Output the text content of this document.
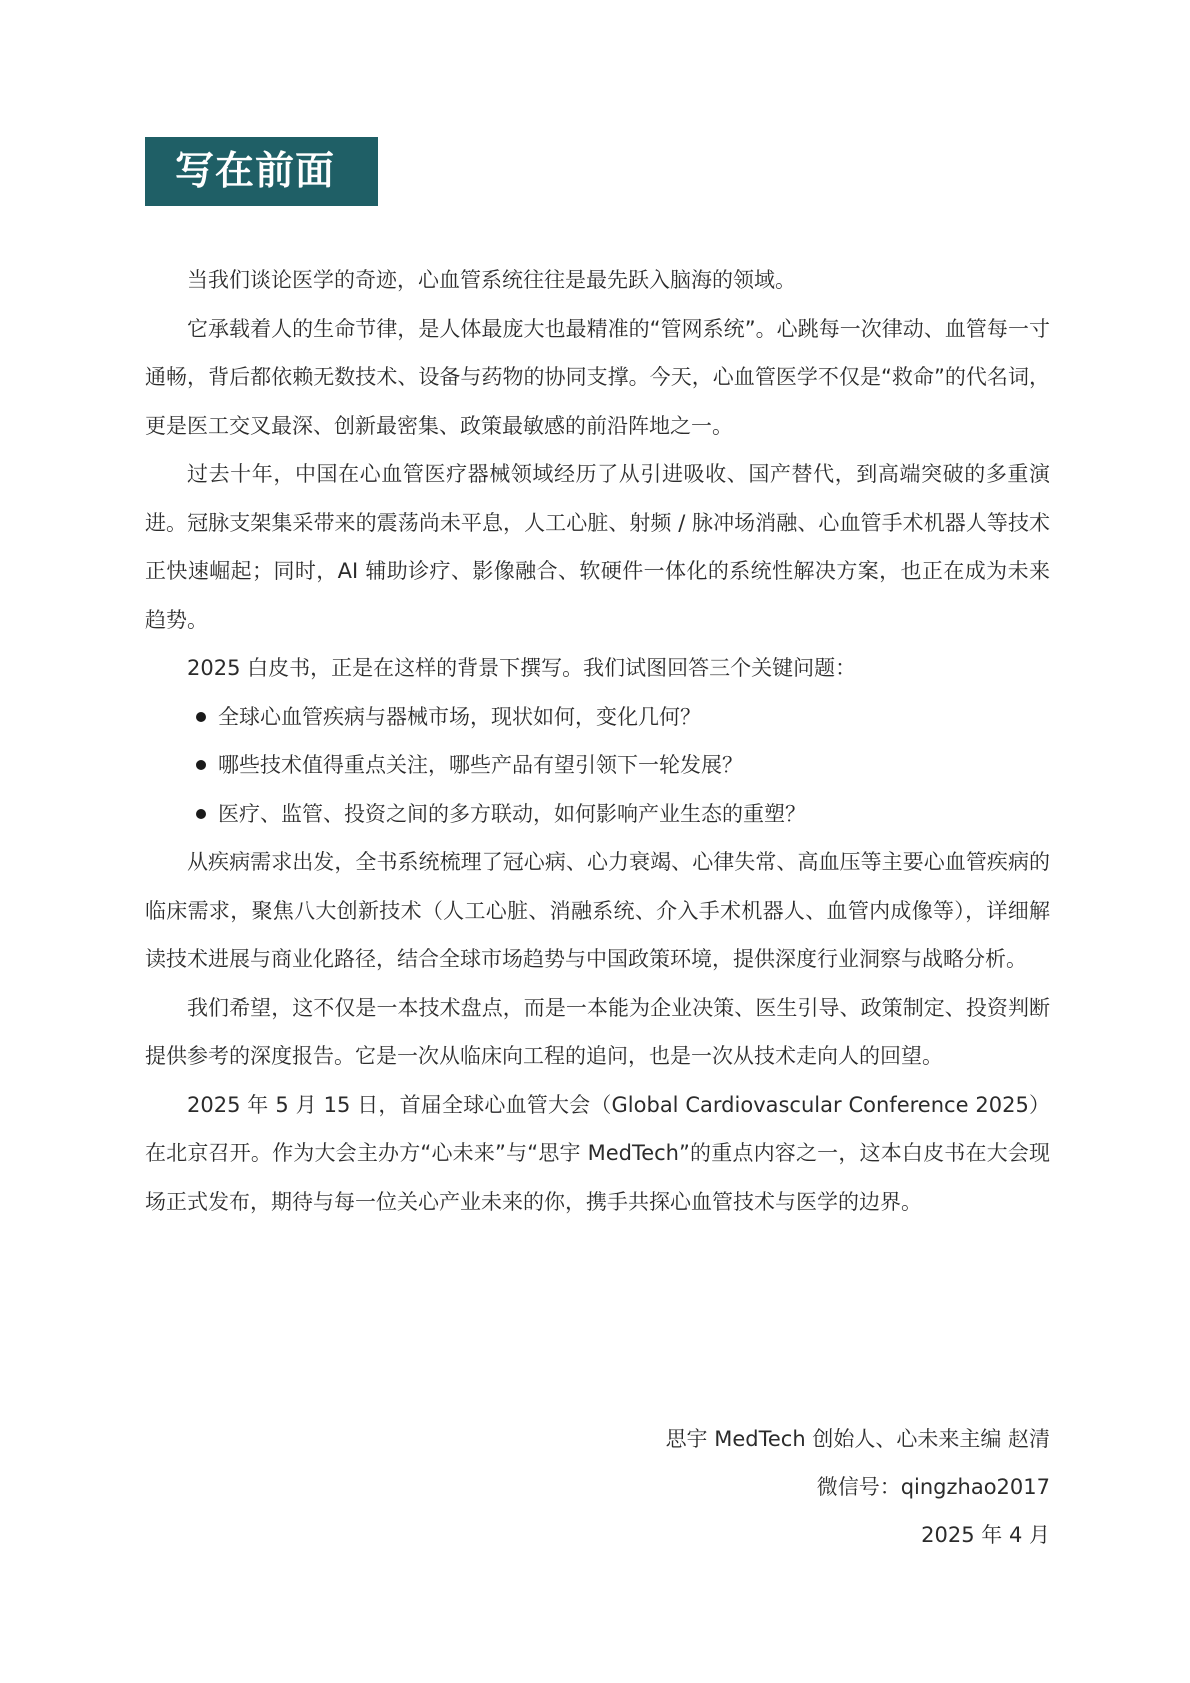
写在前面

当我们谈论医学的奇迹，心血管系统往往是最先跃入脑海的领域。

它承载着人的生命节律，是人体最庞大也最精准的“管网系统”。心跳每一次律动、血管每一寸通畅，背后都依赖无数技术、设备与药物的协同支撑。今天，心血管医学不仅是“救命”的代名词，更是医工交叉最深、创新最密集、政策最敏感的前沿阵地之一。

过去十年，中国在心血管医疗器械领域经历了从引进吸收、国产替代，到高端突破的多重演进。冠脉支架集采带来的震荡尚未平息，人工心脏、射频 / 脉冲场消融、心血管手术机器人等技术正快速崛起；同时，AI 辅助诊疗、影像融合、软硬件一体化的系统性解决方案，也正在成为未来趋势。

2025 白皮书，正是在这样的背景下撰写。我们试图回答三个关键问题：

全球心血管疾病与器械市场，现状如何，变化几何？
哪些技术值得重点关注，哪些产品有望引领下一轮发展？
医疗、监管、投资之间的多方联动，如何影响产业生态的重塑？

从疾病需求出发，全书系统梳理了冠心病、心力衰竭、心律失常、高血压等主要心血管疾病的临床需求，聚焦八大创新技术（人工心脏、消融系统、介入手术机器人、血管内成像等），详细解读技术进展与商业化路径，结合全球市场趋势与中国政策环境，提供深度行业洞察与战略分析。

我们希望，这不仅是一本技术盘点，而是一本能为企业决策、医生引导、政策制定、投资判断提供参考的深度报告。它是一次从临床向工程的追问，也是一次从技术走向人的回望。

2025 年 5 月 15 日，首届全球心血管大会（Global Cardiovascular Conference 2025）在北京召开。作为大会主办方“心未来”与“思宇 MedTech”的重点内容之一，这本白皮书在大会现场正式发布，期待与每一位关心产业未来的你，携手共探心血管技术与医学的边界。

思宇 MedTech 创始人、心未来主编 赵清
微信号：qingzhao2017
2025 年 4 月
